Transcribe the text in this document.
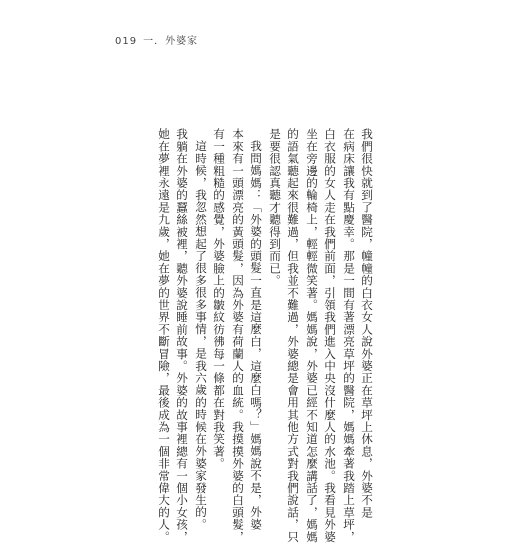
019 一．外婆家
我們很快就到了醫院，幢幢的白衣女人說外婆正在草坪上休息，外婆不是
在病床讓我有點慶幸。那是一間有著漂亮草坪的醫院，媽媽牽著我踏上草坪，
白衣服的女人走在我們前面，引領我們進入中央沒什麼人的水池。我看見外婆
坐在旁邊的輪椅上，輕輕微笑著。媽媽說，外婆已經不知道怎麼講話了，媽媽
的語氣聽起來很難過，但我並不難過，外婆總是會用其他方式對我們說話，只
是要很認真聽才聽得到而已。
我問媽媽：「外婆的頭髮一直是這麼白，這麼白嗎？」媽媽說不是，外婆
本來有一頭漂亮的黃頭髮，因為外婆有荷蘭人的血統。我摸摸外婆的白頭髮，
有一種粗糙的感覺，外婆臉上的皺紋彷彿每一條都在對我笑著。
這時候，我忽然想起了很多很多事情，是我六歲的時候在外婆家發生的。
我躺在外婆的蠶絲被裡，聽外婆說睡前故事。外婆的故事裡總有一個小女孩，
她在夢裡永遠是九歲，她在夢的世界不斷冒險，最後成為一個非常偉大的人。
